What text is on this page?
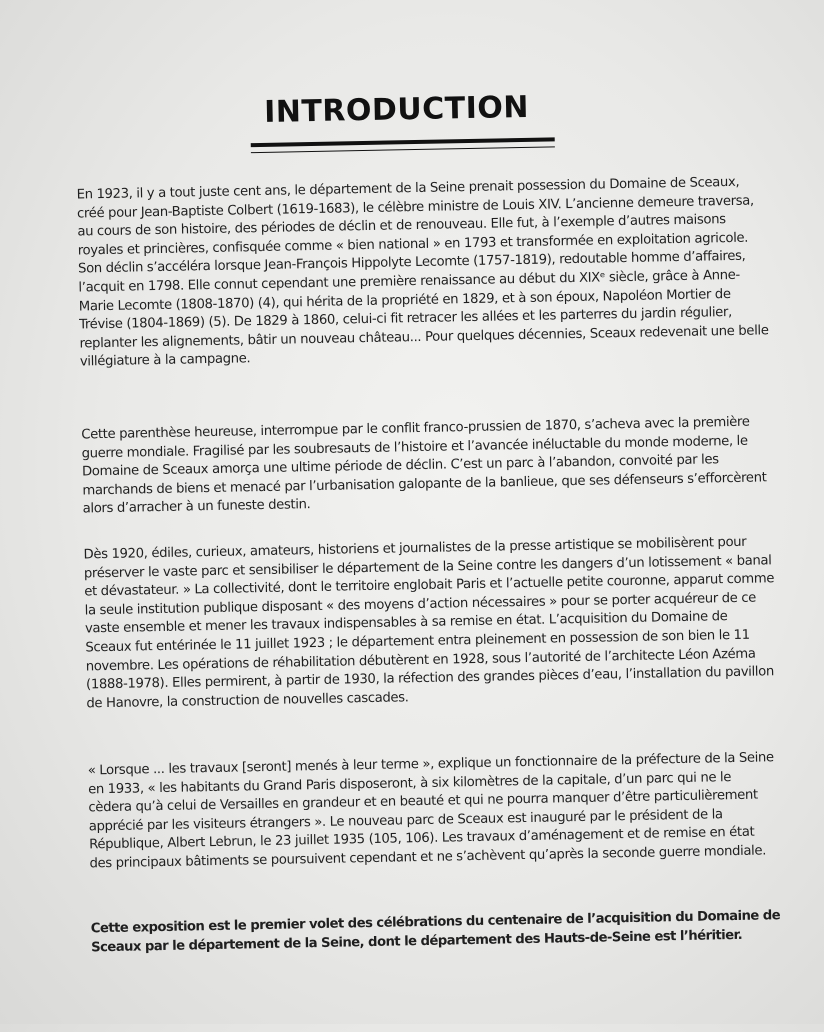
INTRODUCTION

En 1923, il y a tout juste cent ans, le département de la Seine prenait possession du Domaine de Sceaux, créé pour Jean-Baptiste Colbert (1619-1683), le célèbre ministre de Louis XIV. L’ancienne demeure traversa, au cours de son histoire, des périodes de déclin et de renouveau. Elle fut, à l’exemple d’autres maisons royales et princières, confisquée comme « bien national » en 1793 et transformée en exploitation agricole. Son déclin s’accéléra lorsque Jean-François Hippolyte Lecomte (1757-1819), redoutable homme d’affaires, l’acquit en 1798. Elle connut cependant une première renaissance au début du XIXᵉ siècle, grâce à Anne-Marie Lecomte (1808-1870) (4), qui hérita de la propriété en 1829, et à son époux, Napoléon Mortier de Trévise (1804-1869) (5). De 1829 à 1860, celui-ci fit retracer les allées et les parterres du jardin régulier, replanter les alignements, bâtir un nouveau château... Pour quelques décennies, Sceaux redevenait une belle villégiature à la campagne.

Cette parenthèse heureuse, interrompue par le conflit franco-prussien de 1870, s’acheva avec la première guerre mondiale. Fragilisé par les soubresauts de l’histoire et l’avancée inéluctable du monde moderne, le Domaine de Sceaux amorça une ultime période de déclin. C’est un parc à l’abandon, convoité par les marchands de biens et menacé par l’urbanisation galopante de la banlieue, que ses défenseurs s’efforcèrent alors d’arracher à un funeste destin.

Dès 1920, édiles, curieux, amateurs, historiens et journalistes de la presse artistique se mobilisèrent pour préserver le vaste parc et sensibiliser le département de la Seine contre les dangers d’un lotissement « banal et dévastateur. » La collectivité, dont le territoire englobait Paris et l’actuelle petite couronne, apparut comme la seule institution publique disposant « des moyens d’action nécessaires » pour se porter acquéreur de ce vaste ensemble et mener les travaux indispensables à sa remise en état. L’acquisition du Domaine de Sceaux fut entérinée le 11 juillet 1923 ; le département entra pleinement en possession de son bien le 11 novembre. Les opérations de réhabilitation débutèrent en 1928, sous l’autorité de l’architecte Léon Azéma (1888-1978). Elles permirent, à partir de 1930, la réfection des grandes pièces d’eau, l’installation du pavillon de Hanovre, la construction de nouvelles cascades.

« Lorsque ... les travaux [seront] menés à leur terme », explique un fonctionnaire de la préfecture de la Seine en 1933, « les habitants du Grand Paris disposeront, à six kilomètres de la capitale, d’un parc qui ne le cèdera qu’à celui de Versailles en grandeur et en beauté et qui ne pourra manquer d’être particulièrement apprécié par les visiteurs étrangers ». Le nouveau parc de Sceaux est inauguré par le président de la République, Albert Lebrun, le 23 juillet 1935 (105, 106). Les travaux d’aménagement et de remise en état des principaux bâtiments se poursuivent cependant et ne s’achèvent qu’après la seconde guerre mondiale.

Cette exposition est le premier volet des célébrations du centenaire de l’acquisition du Domaine de Sceaux par le département de la Seine, dont le département des Hauts-de-Seine est l’héritier.
